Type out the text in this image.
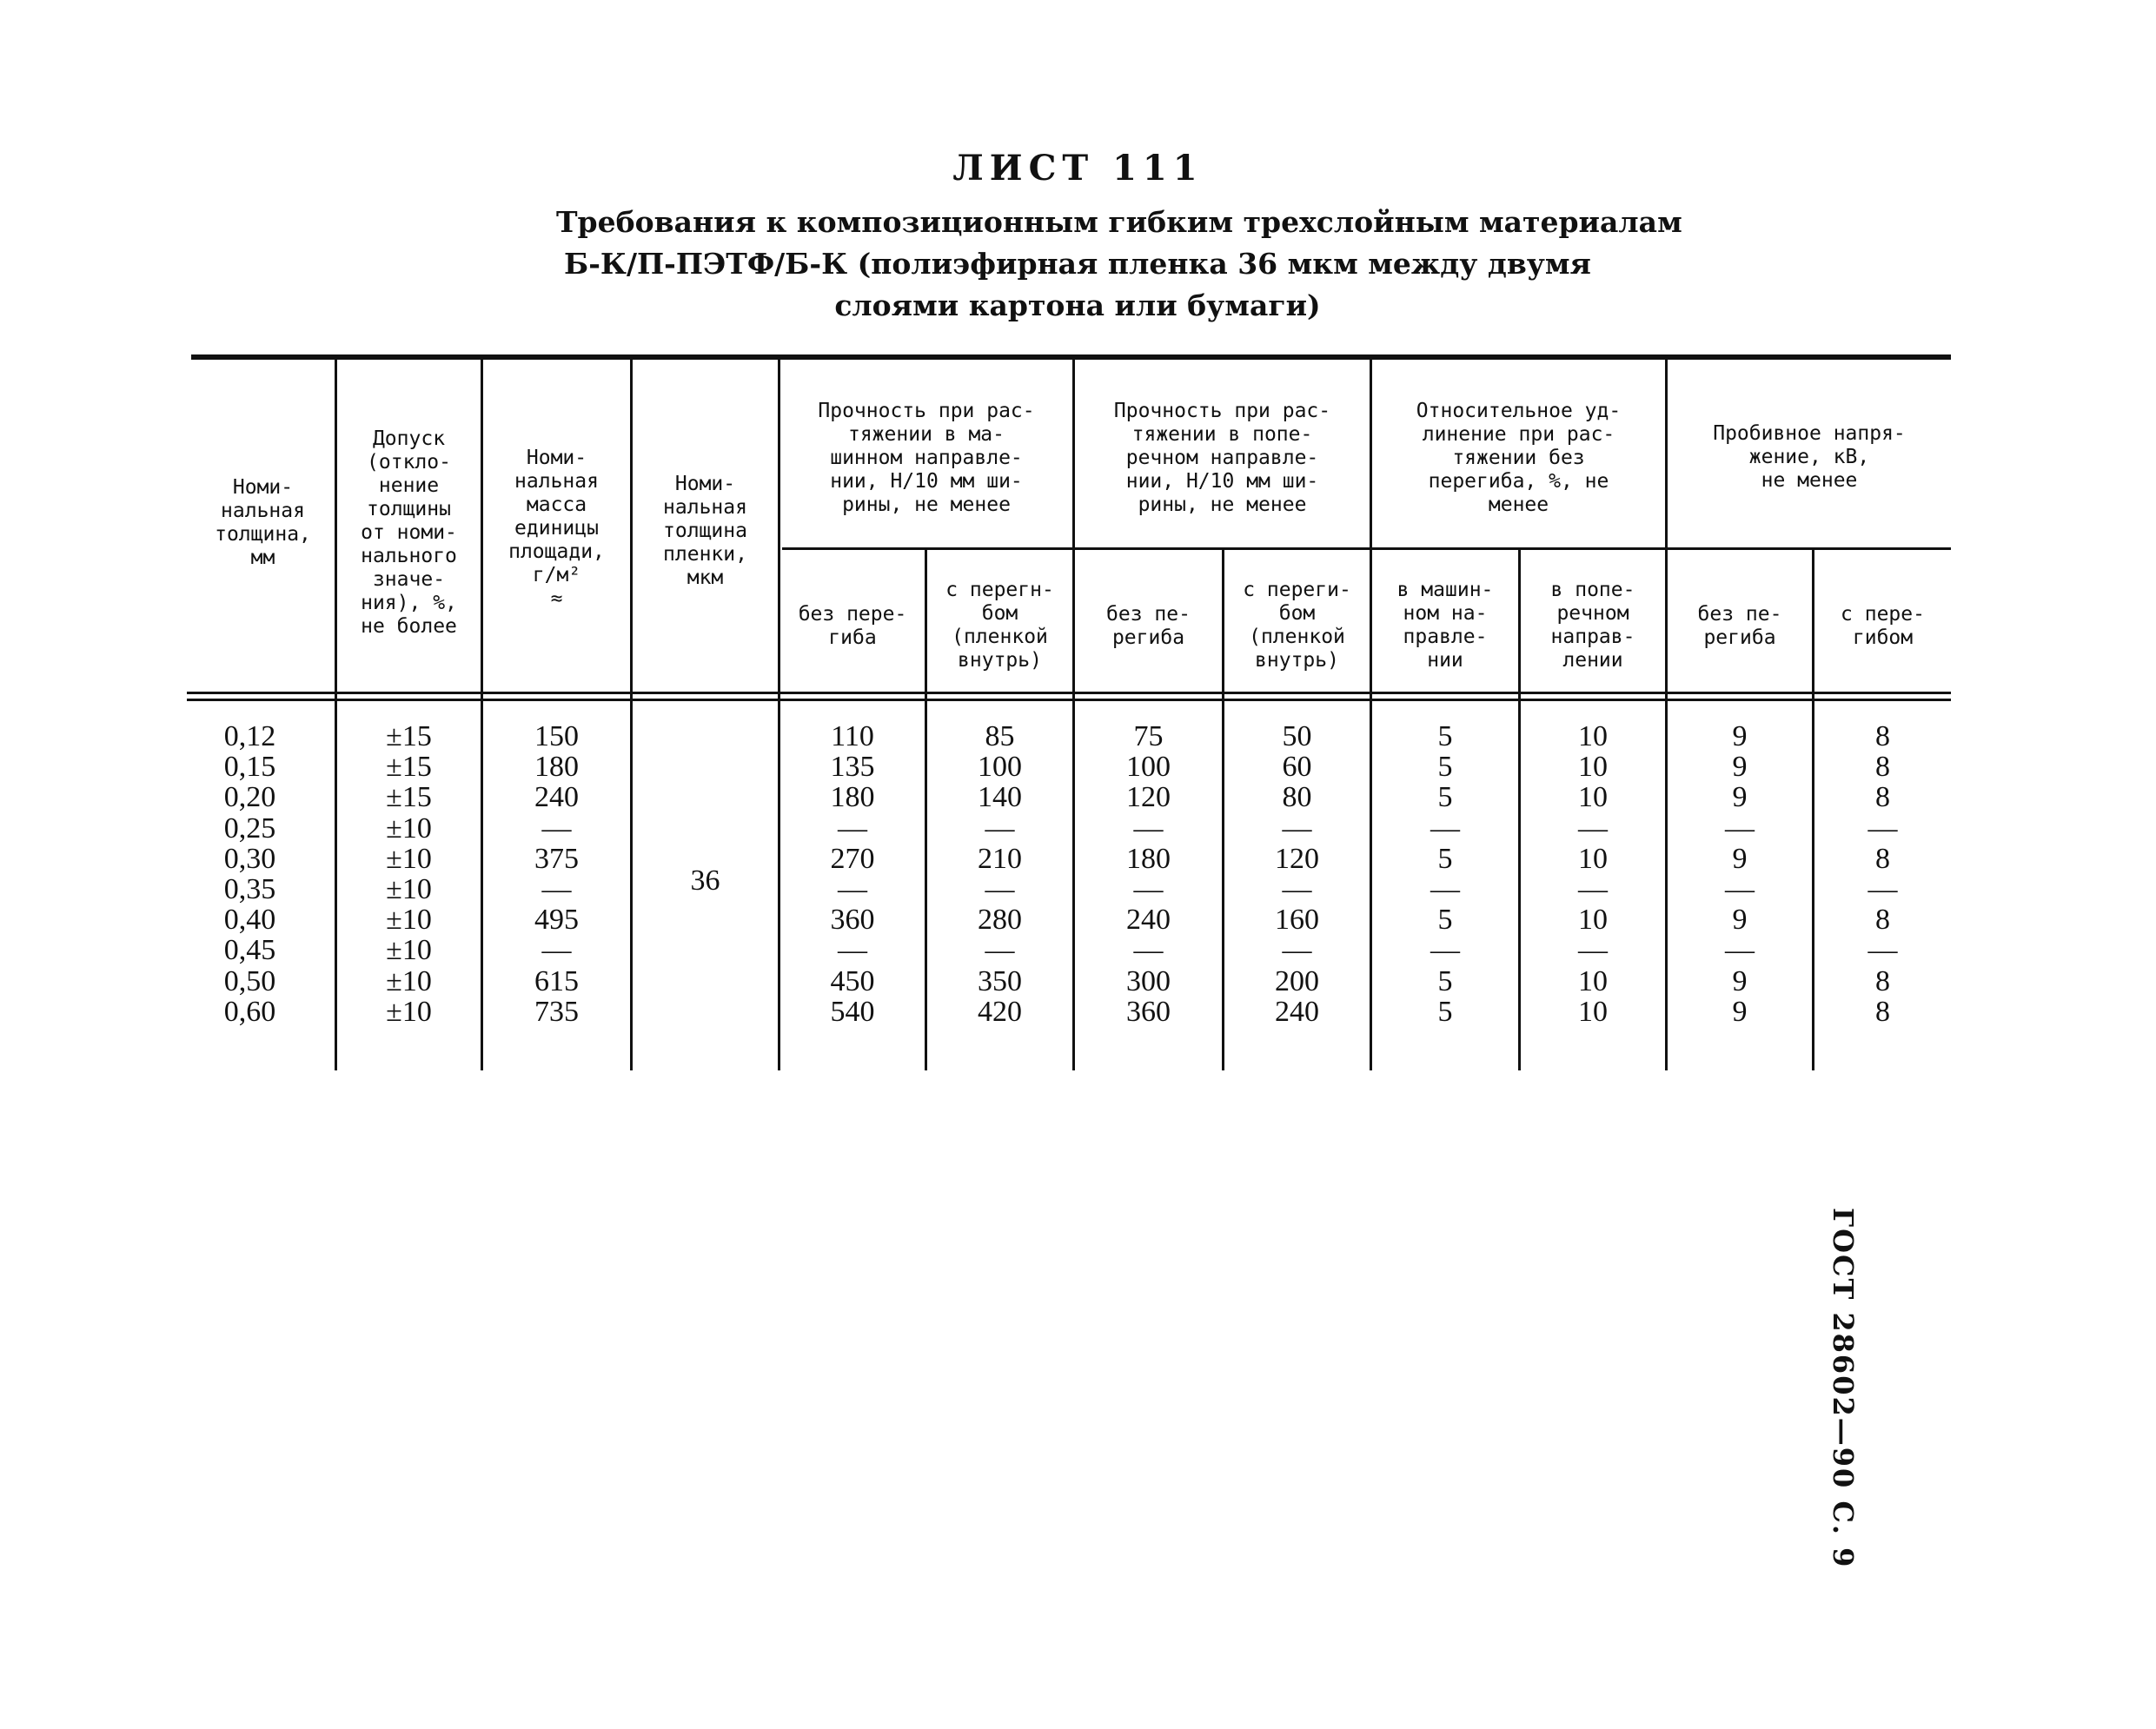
ЛИСТ 111
Требования к композиционным гибким трехслойным материалам
Б-К/П-ПЭТФ/Б-К (полиэфирная пленка 36 мкм между двумя
слоями картона или бумаги)
Номи-
нальная
толщина,
мм
Допуск
(откло-
нение
толщины
от номи-
нального
значе-
ния), %,
не более
Номи-
нальная
масса
единицы
площади,
г/м²
≈
Номи-
нальная
толщина
пленки,
мкм
Прочность при рас-
тяжении в ма-
шинном направле-
нии, Н/10 мм ши-
рины, не менее
Прочность при рас-
тяжении в попе-
речном направле-
нии, Н/10 мм ши-
рины, не менее
Относительное уд-
линение при рас-
тяжении без
перегиба, %, не
менее
Пробивное напря-
жение, кВ,
не менее
без пере-
гиба
с перегн-
бом
(пленкой
внутрь)
без пе-
региба
с переги-
бом
(пленкой
внутрь)
в машин-
ном на-
правле-
нии
в попе-
речном
направ-
лении
без пе-
региба
с пере-
гибом
0,12
0,15
0,20
0,25
0,30
0,35
0,40
0,45
0,50
0,60
±15
±15
±15
±10
±10
±10
±10
±10
±10
±10
150
180
240
—
375
—
495
—
615
735
36
110
135
180
—
270
—
360
—
450
540
85
100
140
—
210
—
280
—
350
420
75
100
120
—
180
—
240
—
300
360
50
60
80
—
120
—
160
—
200
240
5
5
5
—
5
—
5
—
5
5
10
10
10
—
10
—
10
—
10
10
9
9
9
—
9
—
9
—
9
9
8
8
8
—
8
—
8
—
8
8
ГОСТ 28602—90 С. 9
